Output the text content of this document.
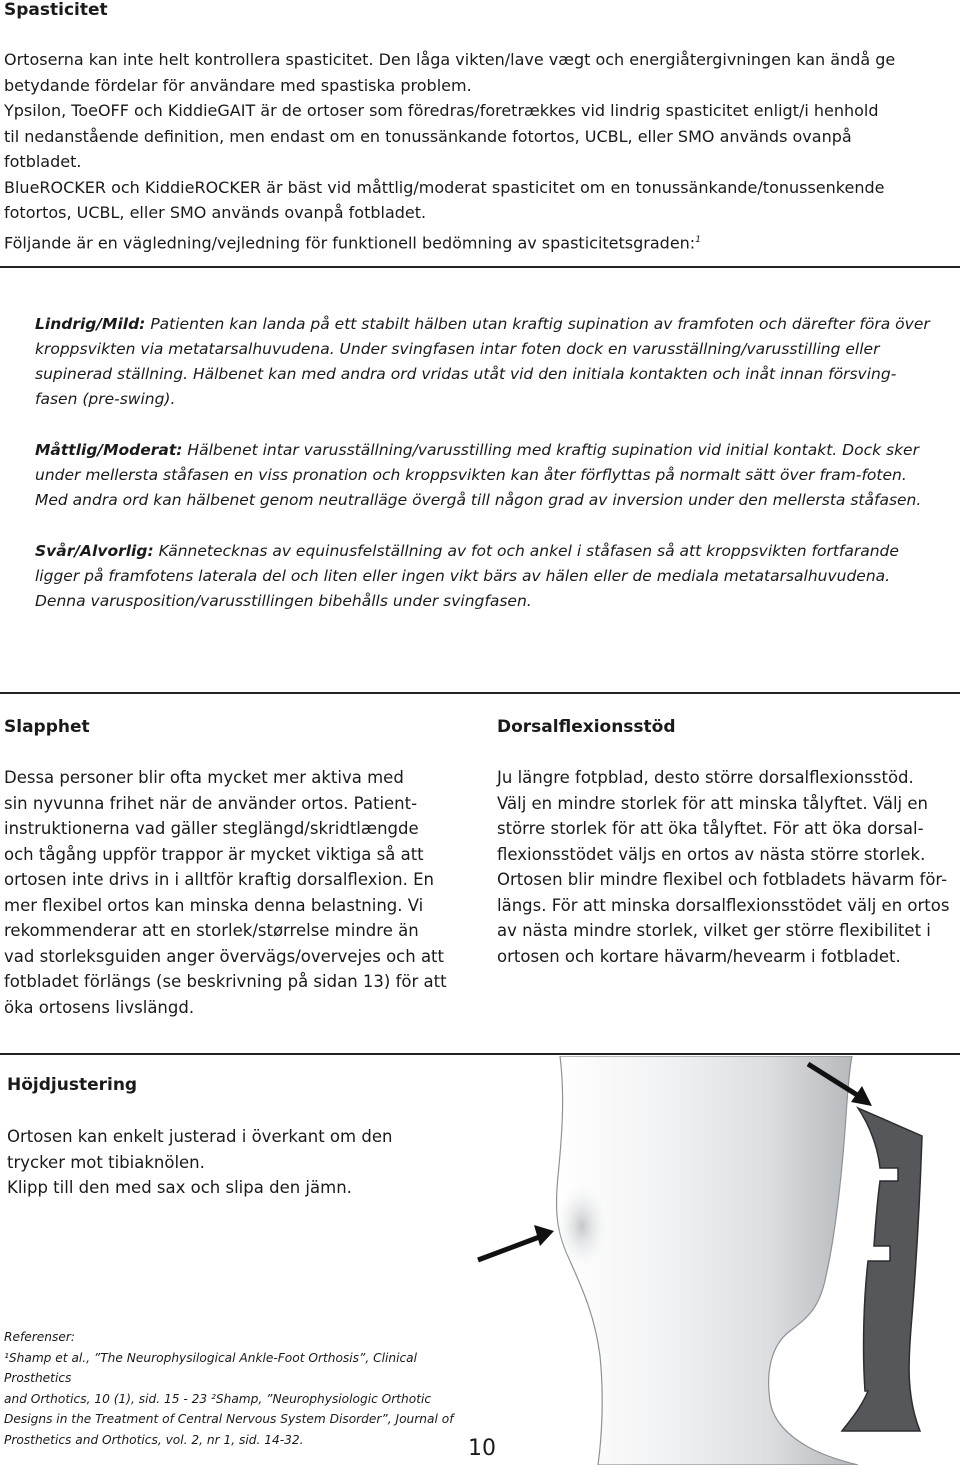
Spasticitet

Ortoserna kan inte helt kontrollera spasticitet. Den låga vikten/lave vægt och energiåtergivningen kan ändå ge

betydande fördelar för användare med spastiska problem.

Ypsilon, ToeOFF och KiddieGAIT är de ortoser som föredras/foretrækkes vid lindrig spasticitet enligt/i henhold

til nedanstående definition, men endast om en tonussänkande fotortos, UCBL, eller SMO används ovanpå

fotbladet.

BlueROCKER och KiddieROCKER är bäst vid måttlig/moderat spasticitet om en tonussänkande/tonussenkende

fotortos, UCBL, eller SMO används ovanpå fotbladet.

Följande är en vägledning/vejledning för funktionell bedömning av spasticitetsgraden:$^1$

Lindrig/Mild: Patienten kan landa på ett stabilt hälben utan kraftig supination av framfoten och därefter föra över kroppsvikten via metatarsalhuvudena. Under svingfasen intar foten dock en varusställning/varusstilling eller supinerad ställning. Hälbenet kan med andra ord vridas utåt vid den initiala kontakten och inåt innan försving-fasen (pre-swing).

Måttlig/Moderat: Hälbenet intar varusställning/varusstilling med kraftig supination vid initial kontakt. Dock sker under mellersta ståfasen en viss pronation och kroppsvikten kan åter förflyttas på normalt sätt över fram-foten. Med andra ord kan hälbenet genom neutralläge övergå till någon grad av inversion under den mellersta ståfasen.

Svår/Alvorlig: Kännetecknas av equinusfelställning av fot och ankel i ståfasen så att kroppsvikten fortfarande ligger på framfotens laterala del och liten eller ingen vikt bärs av hälen eller de mediala metatarsalhuvudena. Denna varusposition/varusstillingen bibehålls under svingfasen.

Slapphet

Dessa personer blir ofta mycket mer aktiva med

sin nyvunna frihet när de använder ortos. Patient-

instruktionerna vad gäller steglängd/skridtlængde

och tågång uppför trappor är mycket viktiga så att

ortosen inte drivs in i alltför kraftig dorsalflexion. En

mer flexibel ortos kan minska denna belastning. Vi

rekommenderar att en storlek/størrelse mindre än

vad storleksguiden anger övervägs/overvejes och att

fotbladet förlängs (se beskrivning på sidan 13) för att

öka ortosens livslängd.

Dorsalflexionsstöd

Ju längre fotpblad, desto större dorsalflexionsstöd.

Välj en mindre storlek för att minska tålyftet. Välj en

större storlek för att öka tålyftet. För att öka dorsal-

flexionsstödet väljs en ortos av nästa större storlek.

Ortosen blir mindre flexibel och fotbladets hävarm för-

längs. För att minska dorsalflexionsstödet välj en ortos

av nästa mindre storlek, vilket ger större flexibilitet i

ortosen och kortare hävarm/hevearm i fotbladet.

Höjdjustering

Ortosen kan enkelt justerad i överkant om den

trycker mot tibiaknölen.

Klipp till den med sax och slipa den jämn.

Referenser:
¹Shamp et al., ”The Neurophysilogical Ankle-Foot Orthosis”, Clinical Prosthetics
and Orthotics, 10 (1), sid. 15 - 23 ²Shamp, ”Neurophysiologic Orthotic
Designs in the Treatment of Central Nervous System Disorder”, Journal of
Prosthetics and Orthotics, vol. 2, nr 1, sid. 14-32.	10
